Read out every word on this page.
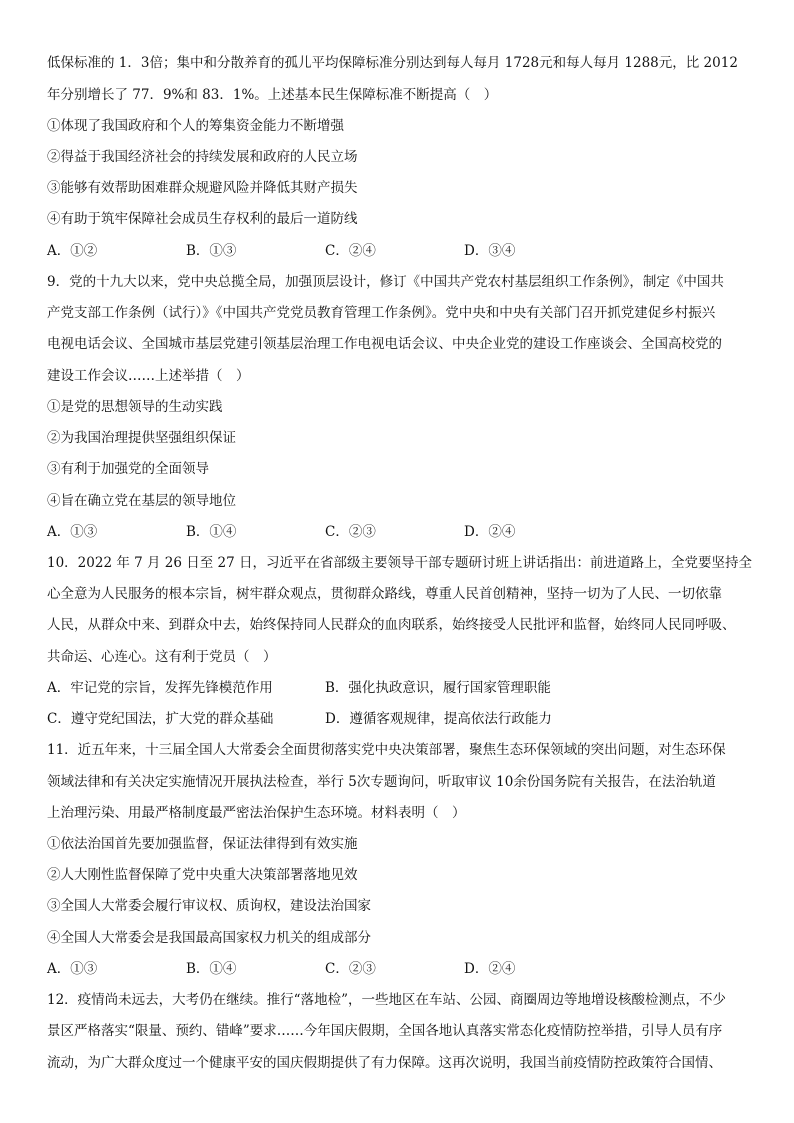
低保标准的 1．3倍；集中和分散养育的孤儿平均保障标准分别达到每人每月 1728元和每人每月 1288元，比 2012
年分别增长了 77．9%和 83．1%。上述基本民生保障标准不断提高（　）
①体现了我国政府和个人的筹集资金能力不断增强
②得益于我国经济社会的持续发展和政府的人民立场
③能够有效帮助困难群众规避风险并降低其财产损失
④有助于筑牢保障社会成员生存权利的最后一道防线
A．①②	B．①③	C．②④	D．③④
9．党的十九大以来，党中央总揽全局，加强顶层设计，修订《中国共产党农村基层组织工作条例》，制定《中国共
产党支部工作条例（试行）》《中国共产党党员教育管理工作条例》。党中央和中央有关部门召开抓党建促乡村振兴
电视电话会议、全国城市基层党建引领基层治理工作电视电话会议、中央企业党的建设工作座谈会、全国高校党的
建设工作会议……上述举措（　）
①是党的思想领导的生动实践
②为我国治理提供坚强组织保证
③有利于加强党的全面领导
④旨在确立党在基层的领导地位
A．①③	B．①④	C．②③	D．②④
10．2022 年 7 月 26 日至 27 日，习近平在省部级主要领导干部专题研讨班上讲话指出：前进道路上，全党要坚持全
心全意为人民服务的根本宗旨，树牢群众观点，贯彻群众路线，尊重人民首创精神，坚持一切为了人民、一切依靠
人民，从群众中来、到群众中去，始终保持同人民群众的血肉联系，始终接受人民批评和监督，始终同人民同呼吸、
共命运、心连心。这有利于党员（　）
A．牢记党的宗旨，发挥先锋模范作用	B．强化执政意识，履行国家管理职能
C．遵守党纪国法，扩大党的群众基础	D．遵循客观规律，提高依法行政能力
11．近五年来，十三届全国人大常委会全面贯彻落实党中央决策部署，聚焦生态环保领域的突出问题，对生态环保
领域法律和有关决定实施情况开展执法检查，举行 5次专题询问，听取审议 10余份国务院有关报告，在法治轨道
上治理污染、用最严格制度最严密法治保护生态环境。材料表明（　）
①依法治国首先要加强监督，保证法律得到有效实施
②人大刚性监督保障了党中央重大决策部署落地见效
③全国人大常委会履行审议权、质询权，建设法治国家
④全国人大常委会是我国最高国家权力机关的组成部分
A．①③	B．①④	C．②③	D．②④
12．疫情尚未远去，大考仍在继续。推行“落地检”，一些地区在车站、公园、商圈周边等地增设核酸检测点，不少
景区严格落实“限量、预约、错峰”要求……今年国庆假期，全国各地认真落实常态化疫情防控举措，引导人员有序
流动，为广大群众度过一个健康平安的国庆假期提供了有力保障。这再次说明，我国当前疫情防控政策符合国情、
